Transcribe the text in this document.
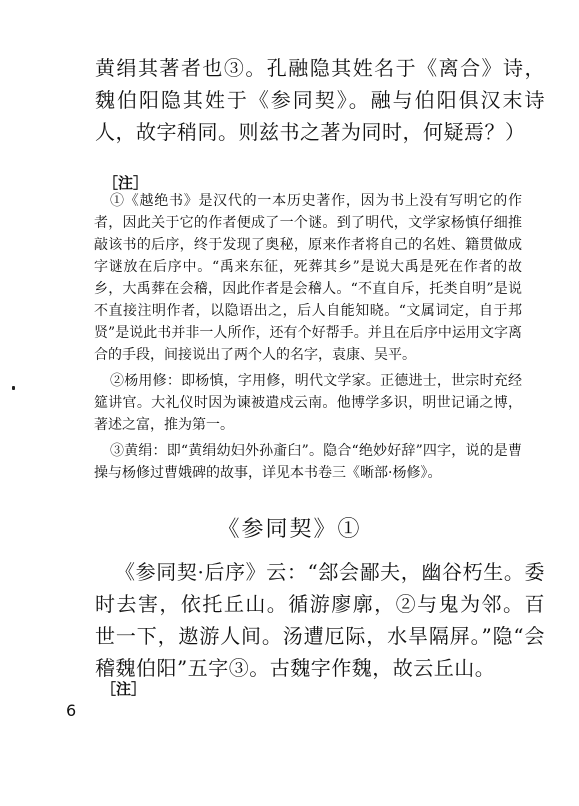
黄绢其著者也③。孔融隐其姓名于《离合》诗，魏伯阳隐其姓于《参同契》。融与伯阳俱汉末诗人，故字稍同。则兹书之著为同时，何疑焉？）
［注］

①《越绝书》是汉代的一本历史著作，因为书上没有写明它的作者，因此关于它的作者便成了一个谜。到了明代，文学家杨慎仔细推敲该书的后序，终于发现了奥秘，原来作者将自己的名姓、籍贯做成字谜放在后序中。“禹来东征，死葬其乡”是说大禹是死在作者的故乡，大禹葬在会稽，因此作者是会稽人。“不直自斥，托类自明”是说不直接注明作者，以隐语出之，后人自能知晓。“文属词定，自于邦贤”是说此书并非一人所作，还有个好帮手。并且在后序中运用文字离合的手段，间接说出了两个人的名字，袁康、吴平。

②杨用修：即杨慎，字用修，明代文学家。正德进士，世宗时充经筵讲官。大礼仪时因为谏被遣戍云南。他博学多识，明世记诵之博，著述之富，推为第一。

③黄绢：即“黄绢幼妇外孙齑臼”。隐合“绝妙好辞”四字，说的是曹操与杨修过曹娥碑的故事，详见本书卷三《晰部·杨修》。

《参同契》①
《参同契·后序》云：“郐会鄙夫，幽谷朽生。委时去害，依托丘山。循游廖廓，②与鬼为邻。百世一下，遨游人间。汤遭厄际，水旱隔屏。”隐“会稽魏伯阳”五字③。古魏字作魏，故云丘山。
［注］
6
